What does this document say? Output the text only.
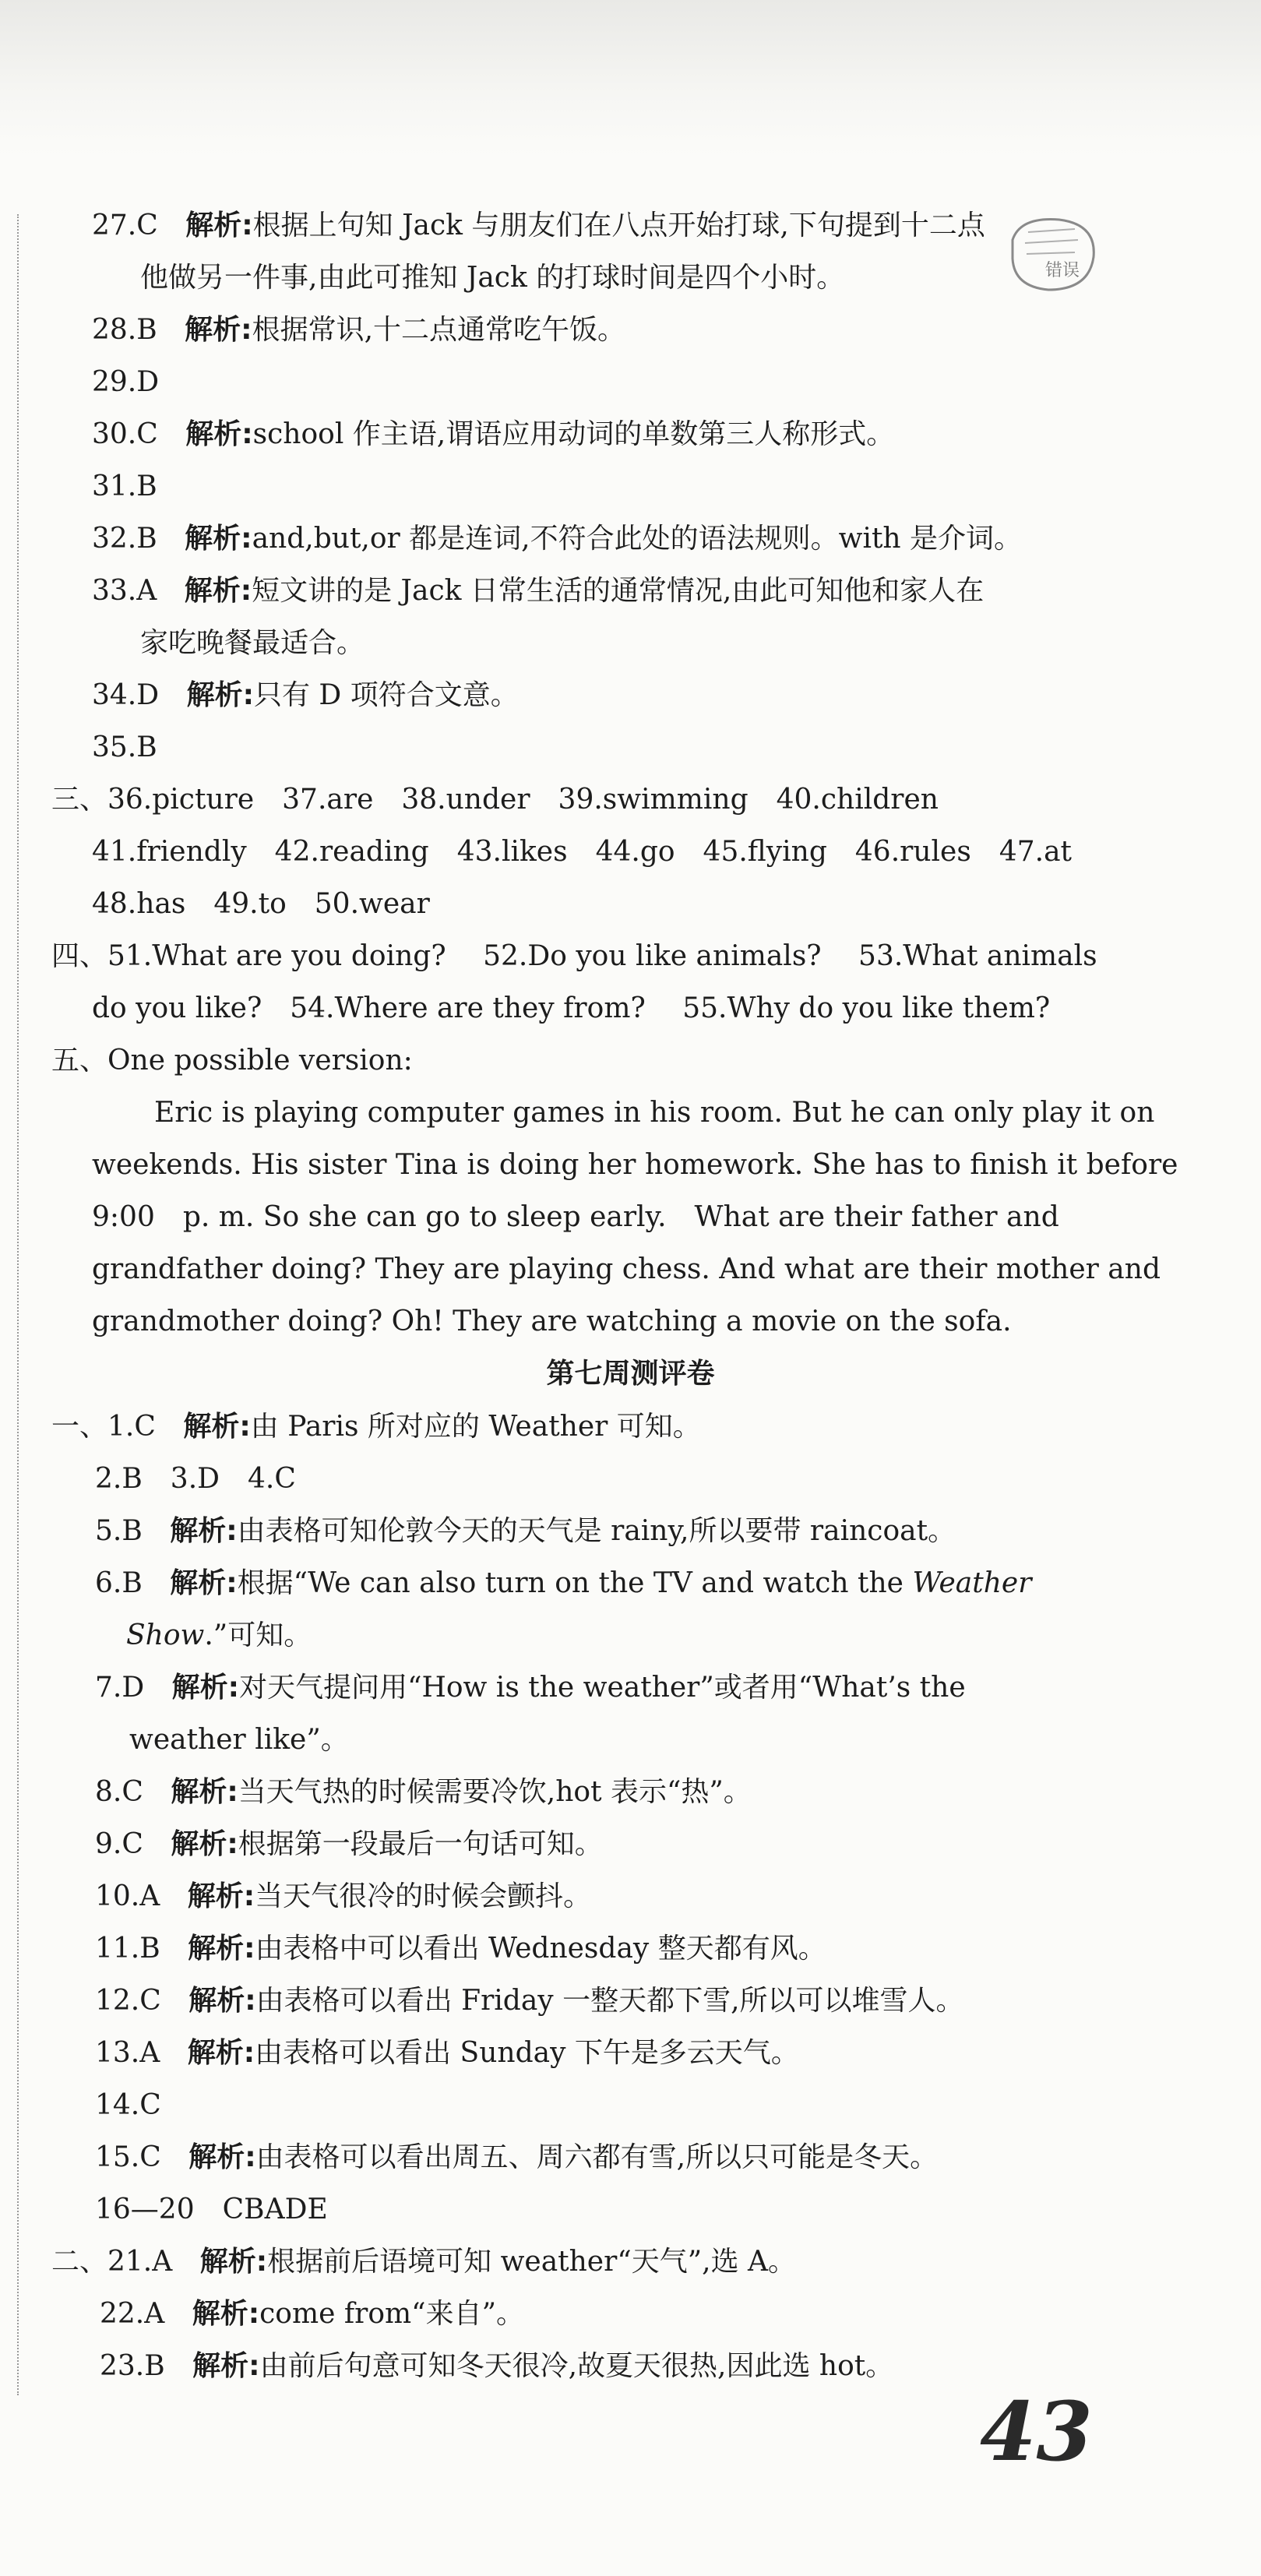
错误
27.C 解析:根据上句知 Jack 与朋友们在八点开始打球,下句提到十二点
他做另一件事,由此可推知 Jack 的打球时间是四个小时。
28.B 解析:根据常识,十二点通常吃午饭。
29.D
30.C 解析:school 作主语,谓语应用动词的单数第三人称形式。
31.B
32.B 解析:and,but,or 都是连词,不符合此处的语法规则。with 是介词。
33.A 解析:短文讲的是 Jack 日常生活的通常情况,由此可知他和家人在
家吃晚餐最适合。
34.D 解析:只有 D 项符合文意。
35.B
三、36.picture　37.are　38.under　39.swimming　40.children
41.friendly　42.reading　43.likes　44.go　45.flying　46.rules　47.at
48.has　49.to　50.wear
四、51.What are you doing?　 52.Do you like animals?　 53.What animals
do you like?　54.Where are they from?　 55.Why do you like them?
五、One possible version:
Eric is playing computer games in his room. But he can only play it on
weekends. His sister Tina is doing her homework. She has to finish it before
9:00　p. m. So she can go to sleep early.　What are their father and
grandfather doing? They are playing chess. And what are their mother and
grandmother doing? Oh! They are watching a movie on the sofa.
第七周测评卷
一、1.C 解析:由 Paris 所对应的 Weather 可知。
2.B　3.D　4.C
5.B 解析:由表格可知伦敦今天的天气是 rainy,所以要带 raincoat。
6.B 解析:根据“We can also turn on the TV and watch the Weather
Show.”可知。
7.D 解析:对天气提问用“How is the weather”或者用“What’s the
weather like”。
8.C 解析:当天气热的时候需要冷饮,hot 表示“热”。
9.C 解析:根据第一段最后一句话可知。
10.A 解析:当天气很冷的时候会颤抖。
11.B 解析:由表格中可以看出 Wednesday 整天都有风。
12.C 解析:由表格可以看出 Friday 一整天都下雪,所以可以堆雪人。
13.A 解析:由表格可以看出 Sunday 下午是多云天气。
14.C
15.C 解析:由表格可以看出周五、周六都有雪,所以只可能是冬天。
16—20　CBADE
二、21.A 解析:根据前后语境可知 weather“天气”,选 A。
22.A 解析:come from“来自”。
23.B 解析:由前后句意可知冬天很冷,故夏天很热,因此选 hot。
43
